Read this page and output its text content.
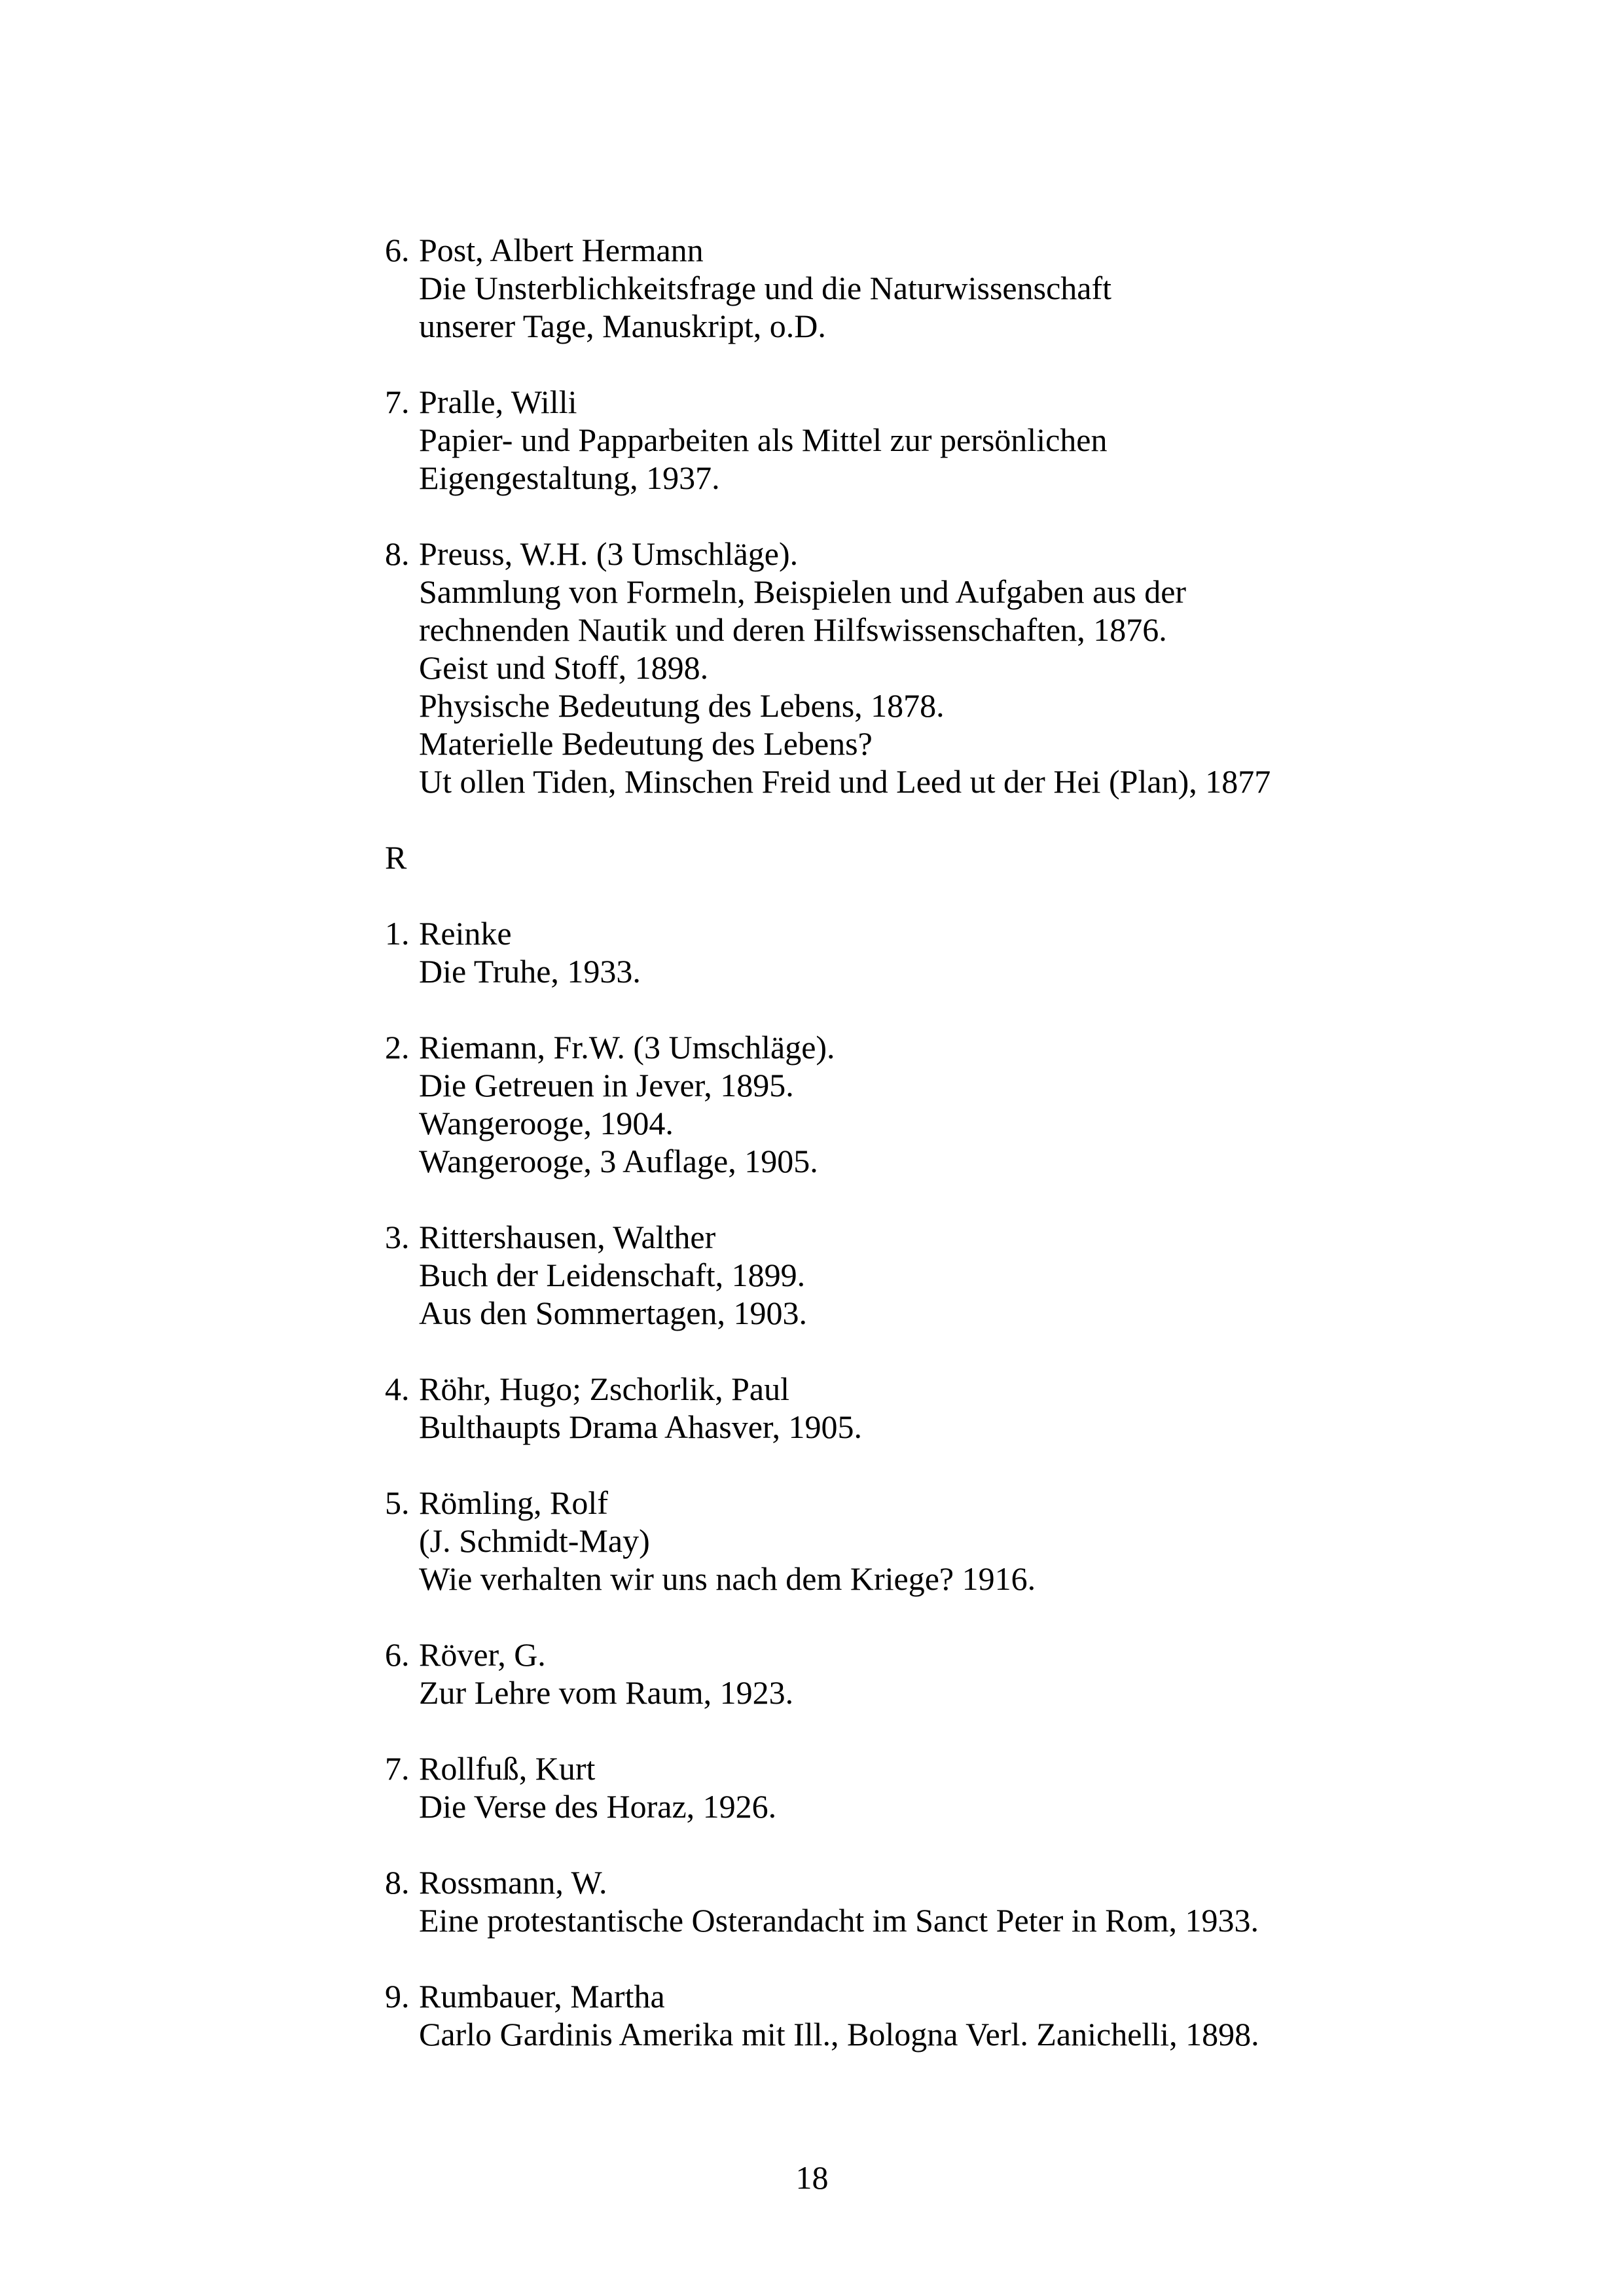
6. Post, Albert Hermann
Die Unsterblichkeitsfrage und die Naturwissenschaft
unserer Tage, Manuskript, o.D.
7. Pralle, Willi
Papier- und Papparbeiten als Mittel zur persönlichen
Eigengestaltung, 1937.
8. Preuss, W.H. (3 Umschläge).
Sammlung von Formeln, Beispielen und Aufgaben aus der
rechnenden Nautik und deren Hilfswissenschaften, 1876.
Geist und Stoff, 1898.
Physische Bedeutung des Lebens, 1878.
Materielle Bedeutung des Lebens?
Ut ollen Tiden, Minschen Freid und Leed ut der Hei (Plan), 1877
R
1. Reinke
Die Truhe, 1933.
2. Riemann, Fr.W. (3 Umschläge).
Die Getreuen in Jever, 1895.
Wangerooge, 1904.
Wangerooge, 3 Auflage, 1905.
3. Rittershausen, Walther
Buch der Leidenschaft, 1899.
Aus den Sommertagen, 1903.
4. Röhr, Hugo; Zschorlik, Paul
Bulthaupts Drama Ahasver, 1905.
5. Römling, Rolf
(J. Schmidt-May)
Wie verhalten wir uns nach dem Kriege? 1916.
6. Röver, G.
Zur Lehre vom Raum, 1923.
7. Rollfuß, Kurt
Die Verse des Horaz, 1926.
8. Rossmann, W.
Eine protestantische Osterandacht im Sanct Peter in Rom, 1933.
9. Rumbauer, Martha
Carlo Gardinis Amerika mit Ill., Bologna Verl. Zanichelli, 1898.
18
